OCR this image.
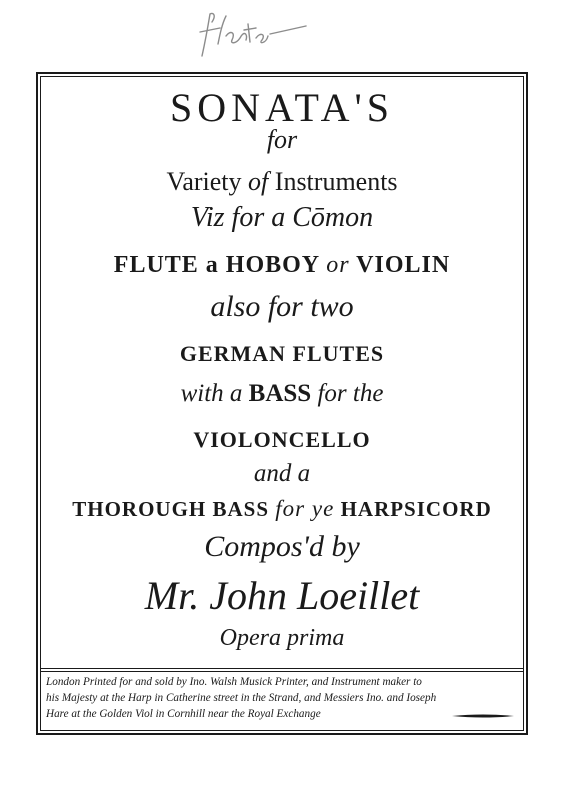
flauto
SONATA'S
for
Variety of Instruments
Viz for a Cōmon
FLUTE a HOBOY or VIOLIN
also for two
GERMAN FLUTES
with a BASS for the
VIOLONCELLO
and a
THOROUGH BASS for ye HARPSICORD
Compos'd by
Mr. John Loeillet
Opera prima
London Printed for and sold by Ino. Walsh Musick Printer, and Instrument maker to
his Majesty at the Harp in Catherine street in the Strand, and Messiers Ino. and Ioseph
Hare at the Golden Viol in Cornhill near the Royal Exchange
